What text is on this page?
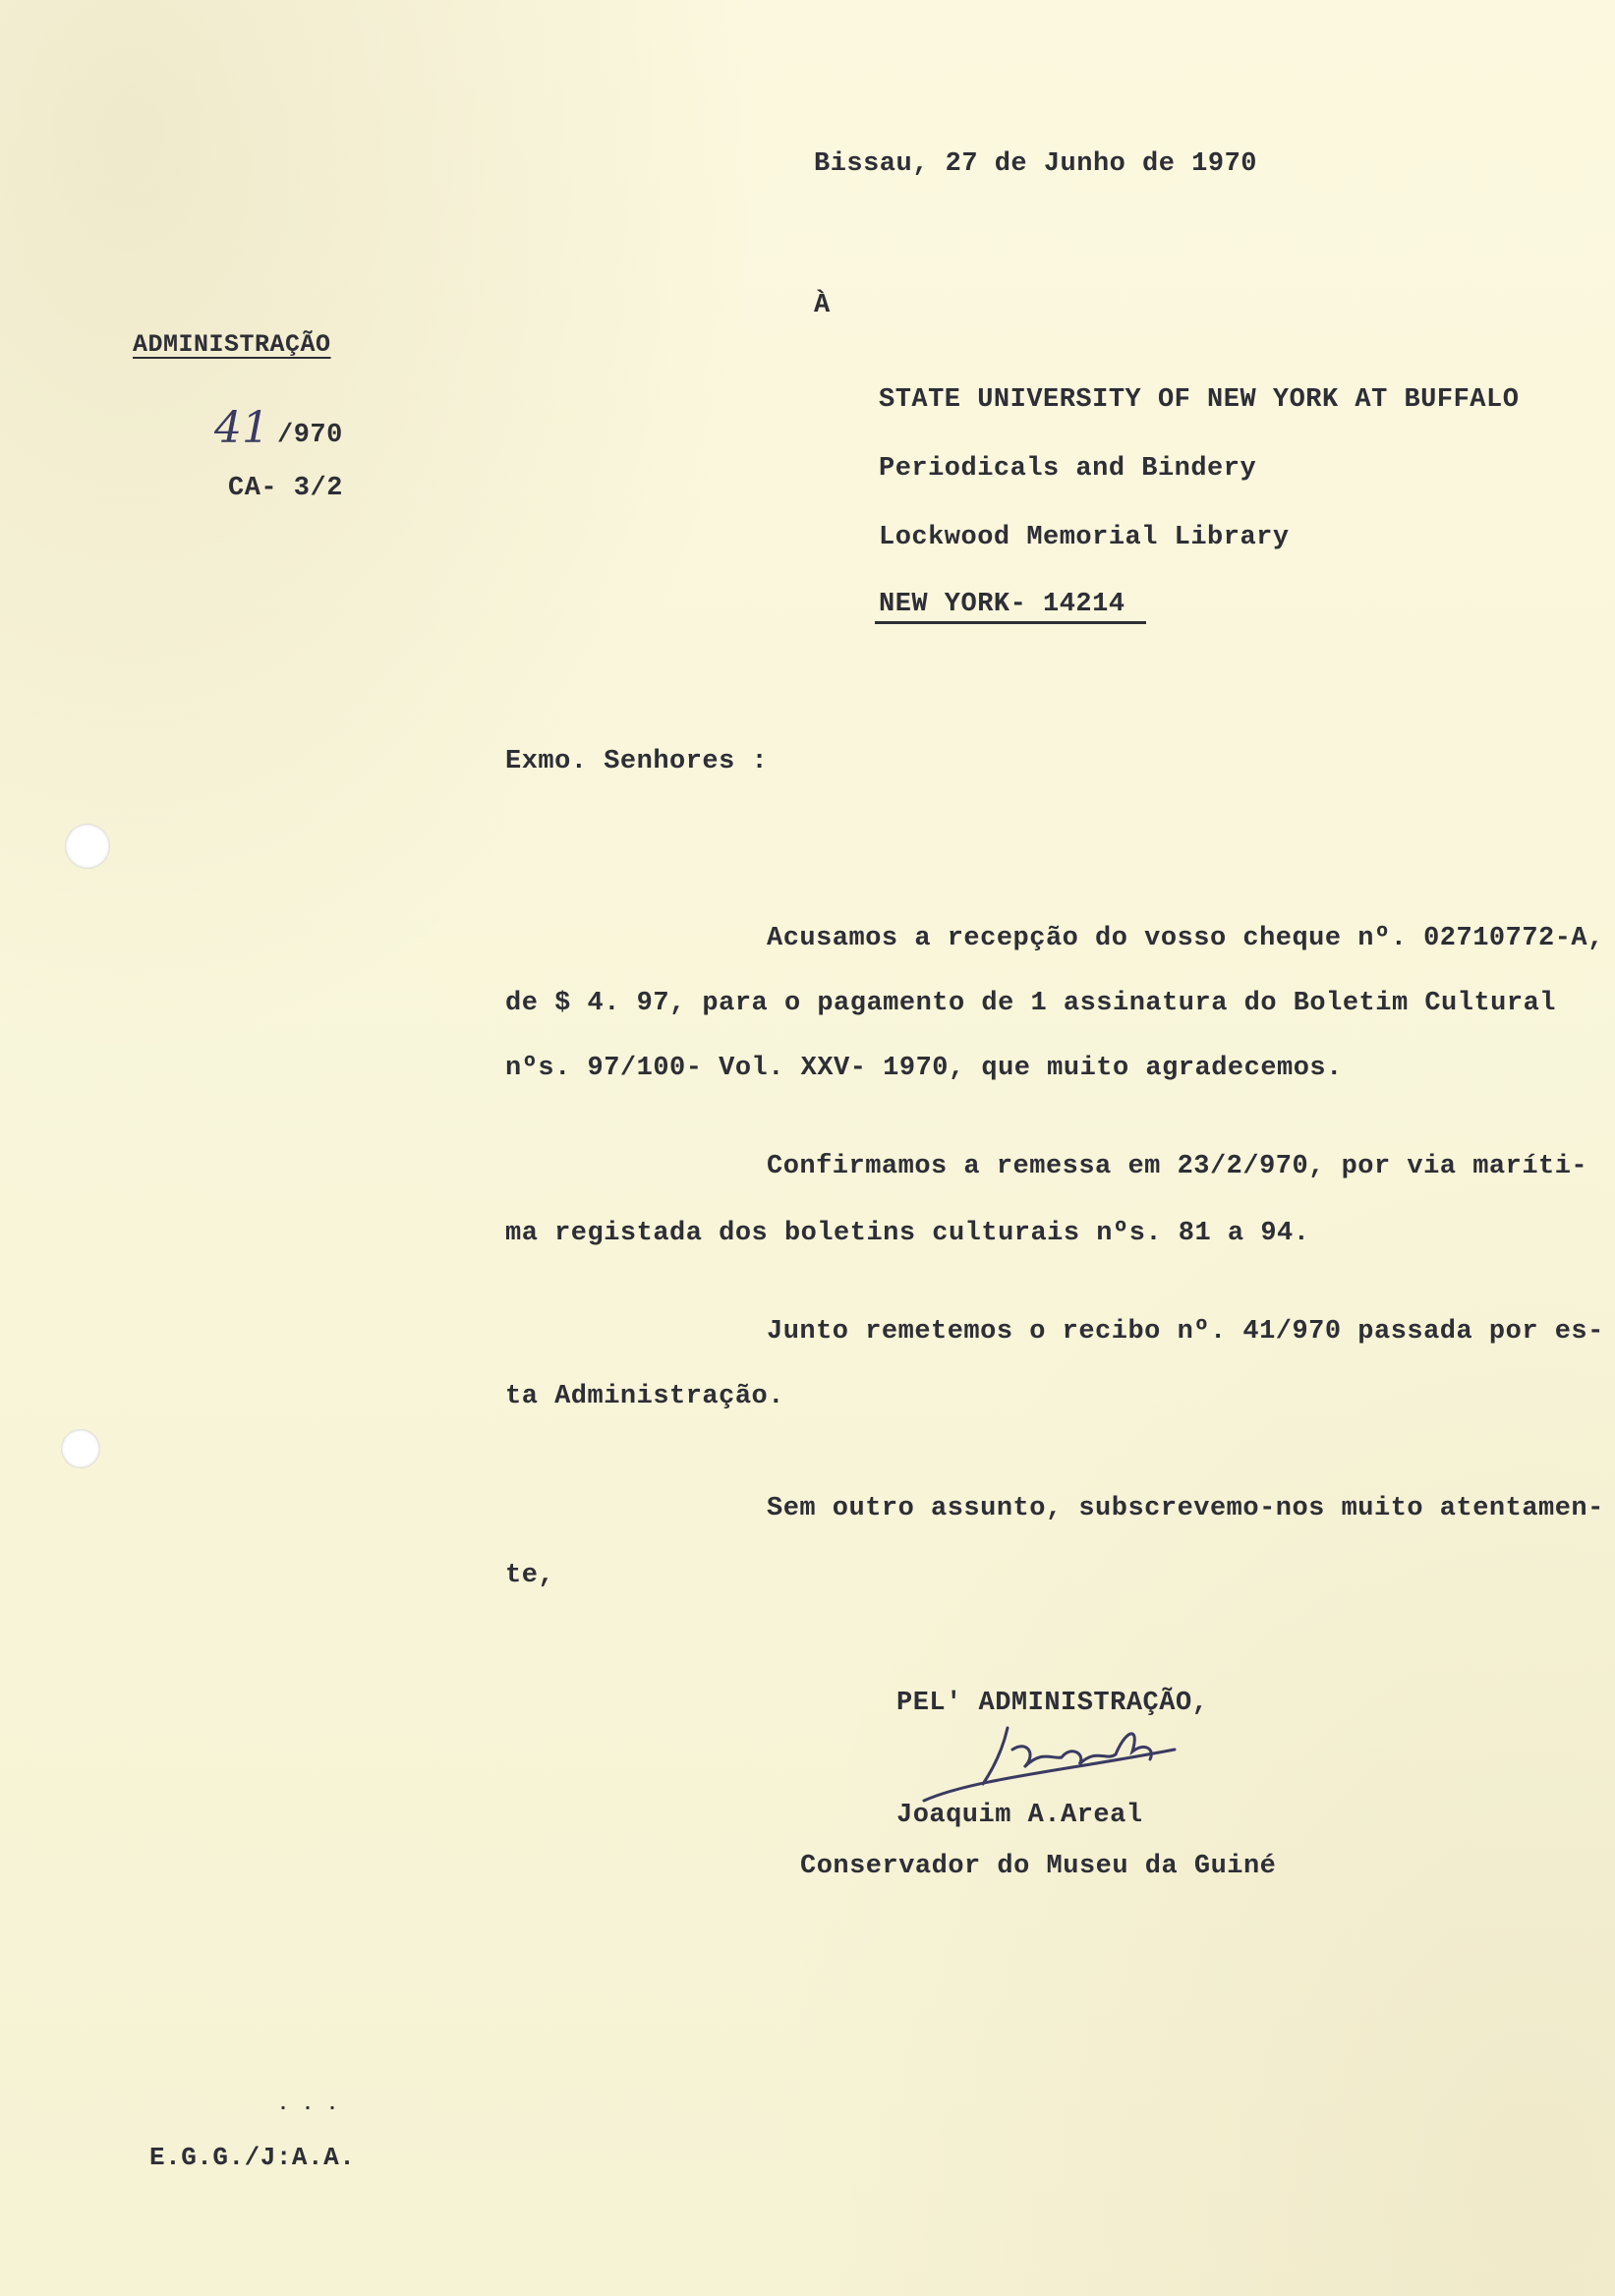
Bissau, 27 de Junho de 1970
À
ADMINISTRAÇÃO
41 /970
CA- 3/2
STATE UNIVERSITY OF NEW YORK AT BUFFALO
Periodicals and Bindery
Lockwood Memorial Library
NEW YORK- 14214
Exmo. Senhores :
Acusamos a recepção do vosso cheque nº. 02710772-A,
de $ 4. 97, para o pagamento de 1 assinatura do Boletim Cultural
nºs. 97/100- Vol. XXV- 1970, que muito agradecemos.
Confirmamos a remessa em 23/2/970, por via maríti-
ma registada dos boletins culturais nºs. 81 a 94.
Junto remetemos o recibo nº. 41/970 passada por es-
ta Administração.
Sem outro assunto, subscrevemo-nos muito atentamen-
te,
PEL' ADMINISTRAÇÃO,
Joaquim A.Areal
Conservador do Museu da Guiné
. . .
E.G.G./J:A.A.
